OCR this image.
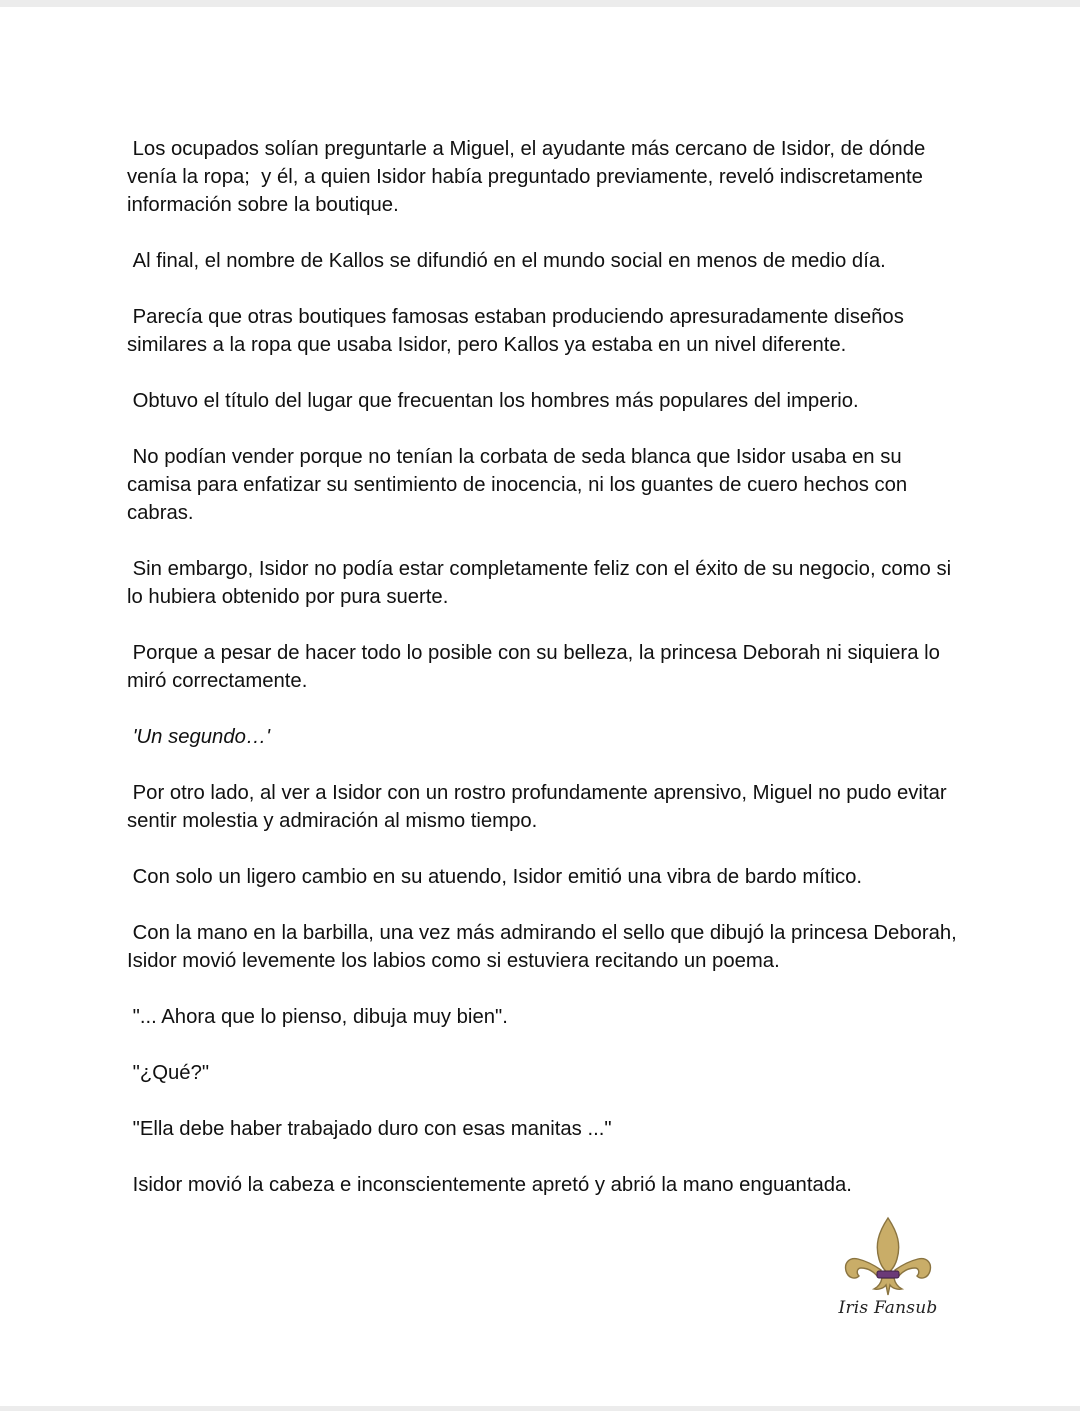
Los ocupados solían preguntarle a Miguel, el ayudante más cercano de Isidor, de dónde venía la ropa;  y él, a quien Isidor había preguntado previamente, reveló indiscretamente información sobre la boutique.

Al final, el nombre de Kallos se difundió en el mundo social en menos de medio día.

Parecía que otras boutiques famosas estaban produciendo apresuradamente diseños similares a la ropa que usaba Isidor, pero Kallos ya estaba en un nivel diferente.

Obtuvo el título del lugar que frecuentan los hombres más populares del imperio.

No podían vender porque no tenían la corbata de seda blanca que Isidor usaba en su camisa para enfatizar su sentimiento de inocencia, ni los guantes de cuero hechos con cabras.

Sin embargo, Isidor no podía estar completamente feliz con el éxito de su negocio, como si lo hubiera obtenido por pura suerte.

Porque a pesar de hacer todo lo posible con su belleza, la princesa Deborah ni siquiera lo miró correctamente.

'Un segundo…'

Por otro lado, al ver a Isidor con un rostro profundamente aprensivo, Miguel no pudo evitar sentir molestia y admiración al mismo tiempo.

Con solo un ligero cambio en su atuendo, Isidor emitió una vibra de bardo mítico.

Con la mano en la barbilla, una vez más admirando el sello que dibujó la princesa Deborah, Isidor movió levemente los labios como si estuviera recitando un poema.

"... Ahora que lo pienso, dibuja muy bien".

"¿Qué?"

"Ella debe haber trabajado duro con esas manitas ..."

Isidor movió la cabeza e inconscientemente apretó y abrió la mano enguantada.

Iris Fansub
